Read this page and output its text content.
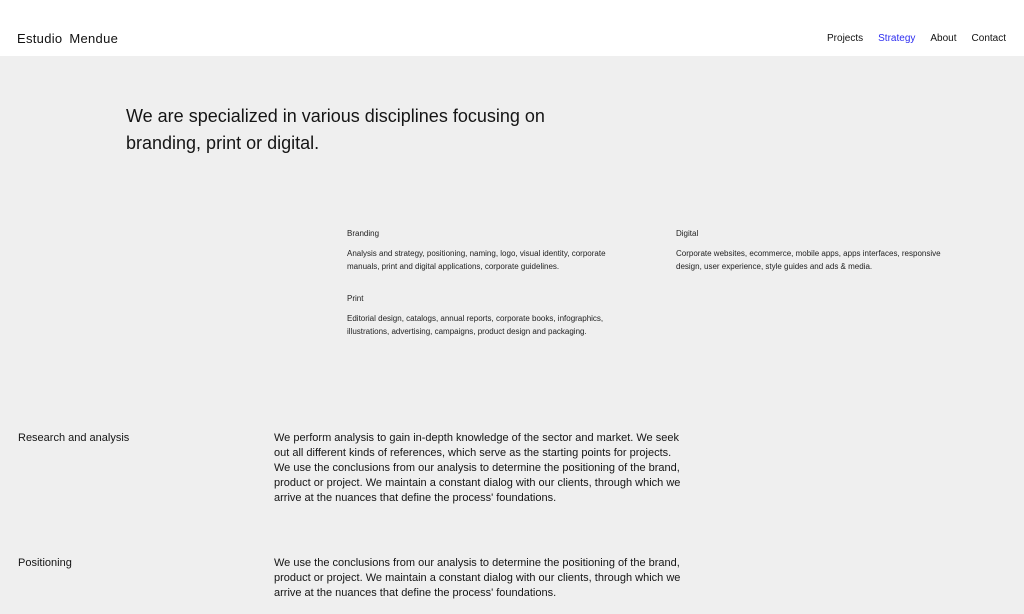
Estudio Mendue	Projects Strategy About Contact
We are specialized in various disciplines focusing on branding, print or digital.
Branding

Analysis and strategy, positioning, naming, logo, visual identity, corporate manuals, print and digital applications, corporate guidelines.

Print

Editorial design, catalogs, annual reports, corporate books, infographics, illustrations, advertising, campaigns, product design and packaging.

Digital

Corporate websites, ecommerce, mobile apps, apps interfaces, responsive design, user experience, style guides and ads & media.

Research and analysis	We perform analysis to gain in-depth knowledge of the sector and market. We seek out all different kinds of references, which serve as the starting points for projects. We use the conclusions from our analysis to determine the positioning of the brand, product or project. We maintain a constant dialog with our clients, through which we arrive at the nuances that define the process' foundations.

Positioning	We use the conclusions from our analysis to determine the positioning of the brand, product or project. We maintain a constant dialog with our clients, through which we arrive at the nuances that define the process' foundations.
